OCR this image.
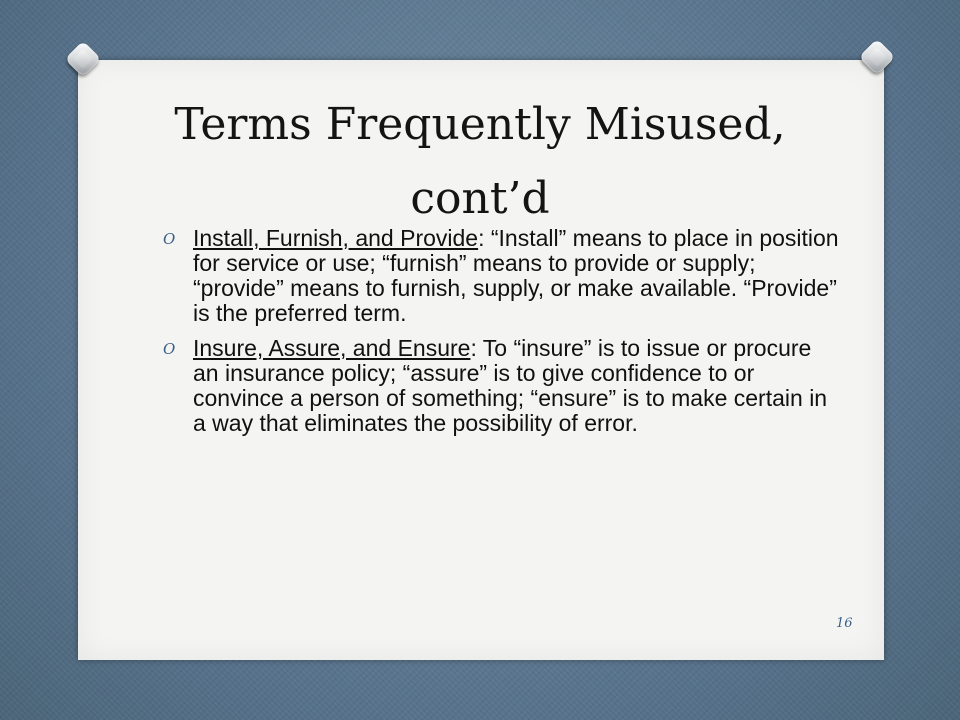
Terms Frequently Misused, cont’d
O Install, Furnish, and Provide: “Install” means to place in position for service or use; “furnish” means to provide or supply; “provide” means to furnish, supply, or make available. “Provide” is the preferred term.
O Insure, Assure, and Ensure: To “insure” is to issue or procure an insurance policy; “assure” is to give confidence to or convince a person of something; “ensure” is to make certain in a way that eliminates the possibility of error.
16
